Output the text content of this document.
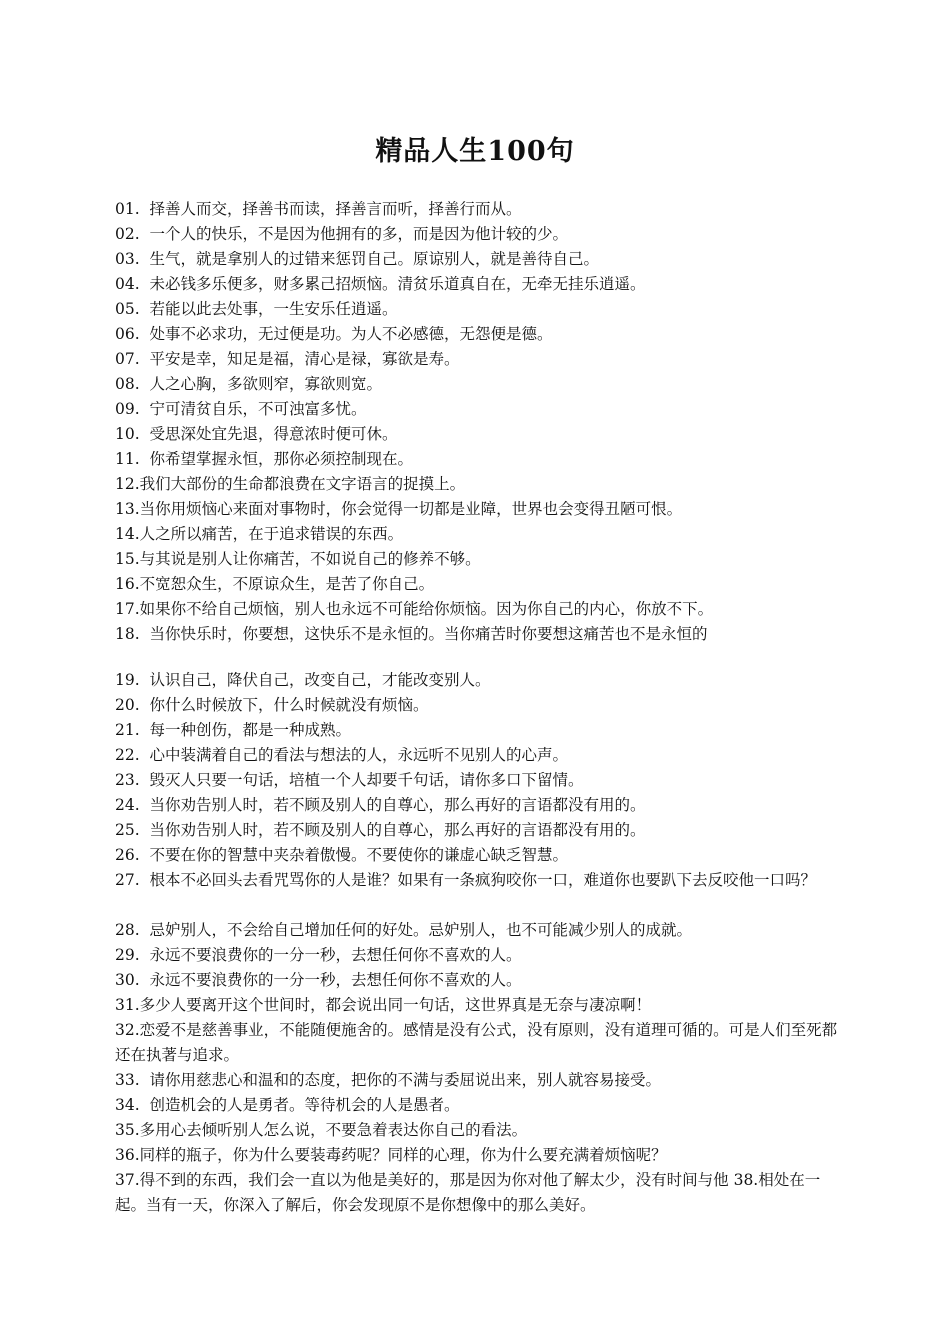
精品人生100句
01.  择善人而交，择善书而读，择善言而听，择善行而从。
02.  一个人的快乐，不是因为他拥有的多，而是因为他计较的少。
03.  生气，就是拿别人的过错来惩罚自己。原谅别人，就是善待自己。
04.  未必钱多乐便多，财多累己招烦恼。清贫乐道真自在，无牵无挂乐逍遥。
05.  若能以此去处事，一生安乐任逍遥。
06.  处事不必求功，无过便是功。为人不必感德，无怨便是德。
07.  平安是幸，知足是福，清心是禄，寡欲是寿。
08.  人之心胸，多欲则窄，寡欲则宽。
09.  宁可清贫自乐，不可浊富多忧。
10.  受思深处宜先退，得意浓时便可休。
11.  你希望掌握永恒，那你必须控制现在。
12.我们大部份的生命都浪费在文字语言的捉摸上。
13.当你用烦恼心来面对事物时，你会觉得一切都是业障，世界也会变得丑陋可恨。
14.人之所以痛苦，在于追求错误的东西。
15.与其说是别人让你痛苦，不如说自己的修养不够。
16.不宽恕众生，不原谅众生，是苦了你自己。
17.如果你不给自己烦恼，别人也永远不可能给你烦恼。因为你自己的内心，你放不下。
18.  当你快乐时，你要想，这快乐不是永恒的。当你痛苦时你要想这痛苦也不是永恒的
19.  认识自己，降伏自己，改变自己，才能改变别人。
20.  你什么时候放下，什么时候就没有烦恼。
21.  每一种创伤，都是一种成熟。
22.  心中装满着自己的看法与想法的人，永远听不见别人的心声。
23.  毁灭人只要一句话，培植一个人却要千句话，请你多口下留情。
24.  当你劝告别人时，若不顾及别人的自尊心，那么再好的言语都没有用的。
25.  当你劝告别人时，若不顾及别人的自尊心，那么再好的言语都没有用的。
26.  不要在你的智慧中夹杂着傲慢。不要使你的谦虚心缺乏智慧。
27.  根本不必回头去看咒骂你的人是谁？如果有一条疯狗咬你一口，难道你也要趴下去反咬他一口吗？
28.  忌妒别人，不会给自己增加任何的好处。忌妒别人，也不可能减少别人的成就。
29.  永远不要浪费你的一分一秒，去想任何你不喜欢的人。
30.  永远不要浪费你的一分一秒，去想任何你不喜欢的人。
31.多少人要离开这个世间时，都会说出同一句话，这世界真是无奈与凄凉啊！
32.恋爱不是慈善事业，不能随便施舍的。感情是没有公式，没有原则，没有道理可循的。可是人们至死都还在执著与追求。
33.  请你用慈悲心和温和的态度，把你的不满与委屈说出来，别人就容易接受。
34.  创造机会的人是勇者。等待机会的人是愚者。
35.多用心去倾听别人怎么说，不要急着表达你自己的看法。
36.同样的瓶子，你为什么要装毒药呢？同样的心理，你为什么要充满着烦恼呢？
37.得不到的东西，我们会一直以为他是美好的，那是因为你对他了解太少，没有时间与他 38.相处在一起。当有一天，你深入了解后，你会发现原不是你想像中的那么美好。
